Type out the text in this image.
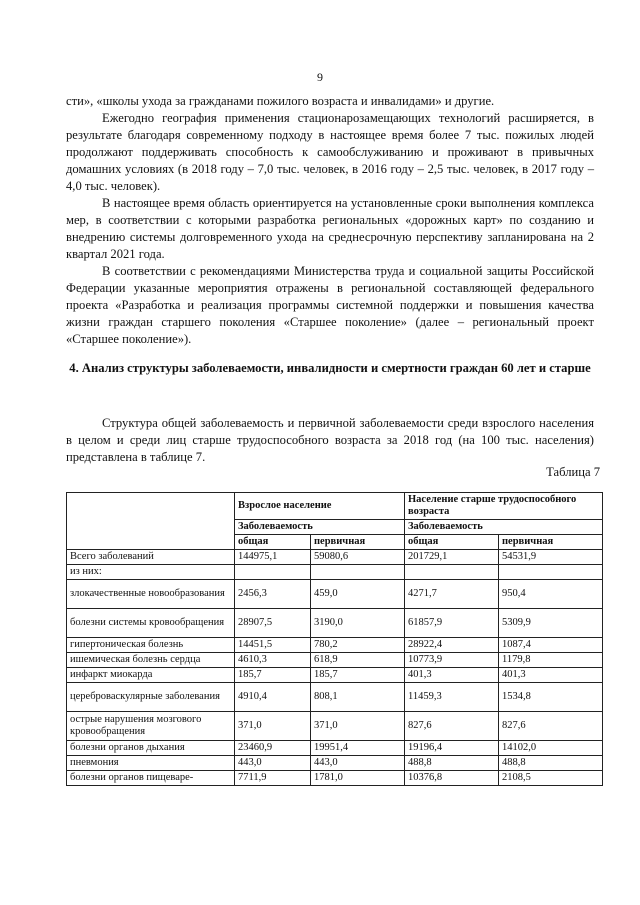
9

сти», «школы ухода за гражданами пожилого возраста и инвалидами» и другие.

Ежегодно география применения стационарозамещающих технологий расширяется, в результате благодаря современному подходу в настоящее время более 7 тыс. пожилых людей продолжают поддерживать способность к самообслуживанию и проживают в привычных домашних условиях (в 2018 году – 7,0 тыс. человек, в 2016 году – 2,5 тыс. человек, в 2017 году – 4,0 тыс. человек).

В настоящее время область ориентируется на установленные сроки выполнения комплекса мер, в соответствии с которыми разработка региональных «дорожных карт» по созданию и внедрению системы долговременного ухода на среднесрочную перспективу запланирована на 2 квартал 2021 года.

В соответствии с рекомендациями Министерства труда и социальной защиты Российской Федерации указанные мероприятия отражены в региональной составляющей федерального проекта «Разработка и реализация программы системной поддержки и повышения качества жизни граждан старшего поколения «Старшее поколение» (далее – региональный проект «Старшее поколение»).

4. Анализ структуры заболеваемости, инвалидности и смертности граждан 60 лет и старше

Структура общей заболеваемость и первичной заболеваемости среди взрослого населения в целом и среди лиц старше трудоспособного возраста за 2018 год (на 100 тыс. населения) представлена в таблице 7.

Таблица 7
	Взрослое население		Население старше трудоспособного возраста	
	Заболеваемость		Заболеваемость	
	общая	первичная	общая	первичная
Всего заболеваний	144975,1	59080,6	201729,1	54531,9
из них:				
злокачественные новообразования	2456,3	459,0	4271,7	950,4
болезни системы кровообращения	28907,5	3190,0	61857,9	5309,9
гипертоническая болезнь	14451,5	780,2	28922,4	1087,4
ишемическая болезнь сердца	4610,3	618,9	10773,9	1179,8
инфаркт миокарда	185,7	185,7	401,3	401,3
цереброваскулярные заболевания	4910,4	808,1	11459,3	1534,8
острые нарушения мозгового кровообращения	371,0	371,0	827,6	827,6
болезни органов дыхания	23460,9	19951,4	19196,4	14102,0
пневмония	443,0	443,0	488,8	488,8
болезни органов пищеваре-	7711,9	1781,0	10376,8	2108,5
